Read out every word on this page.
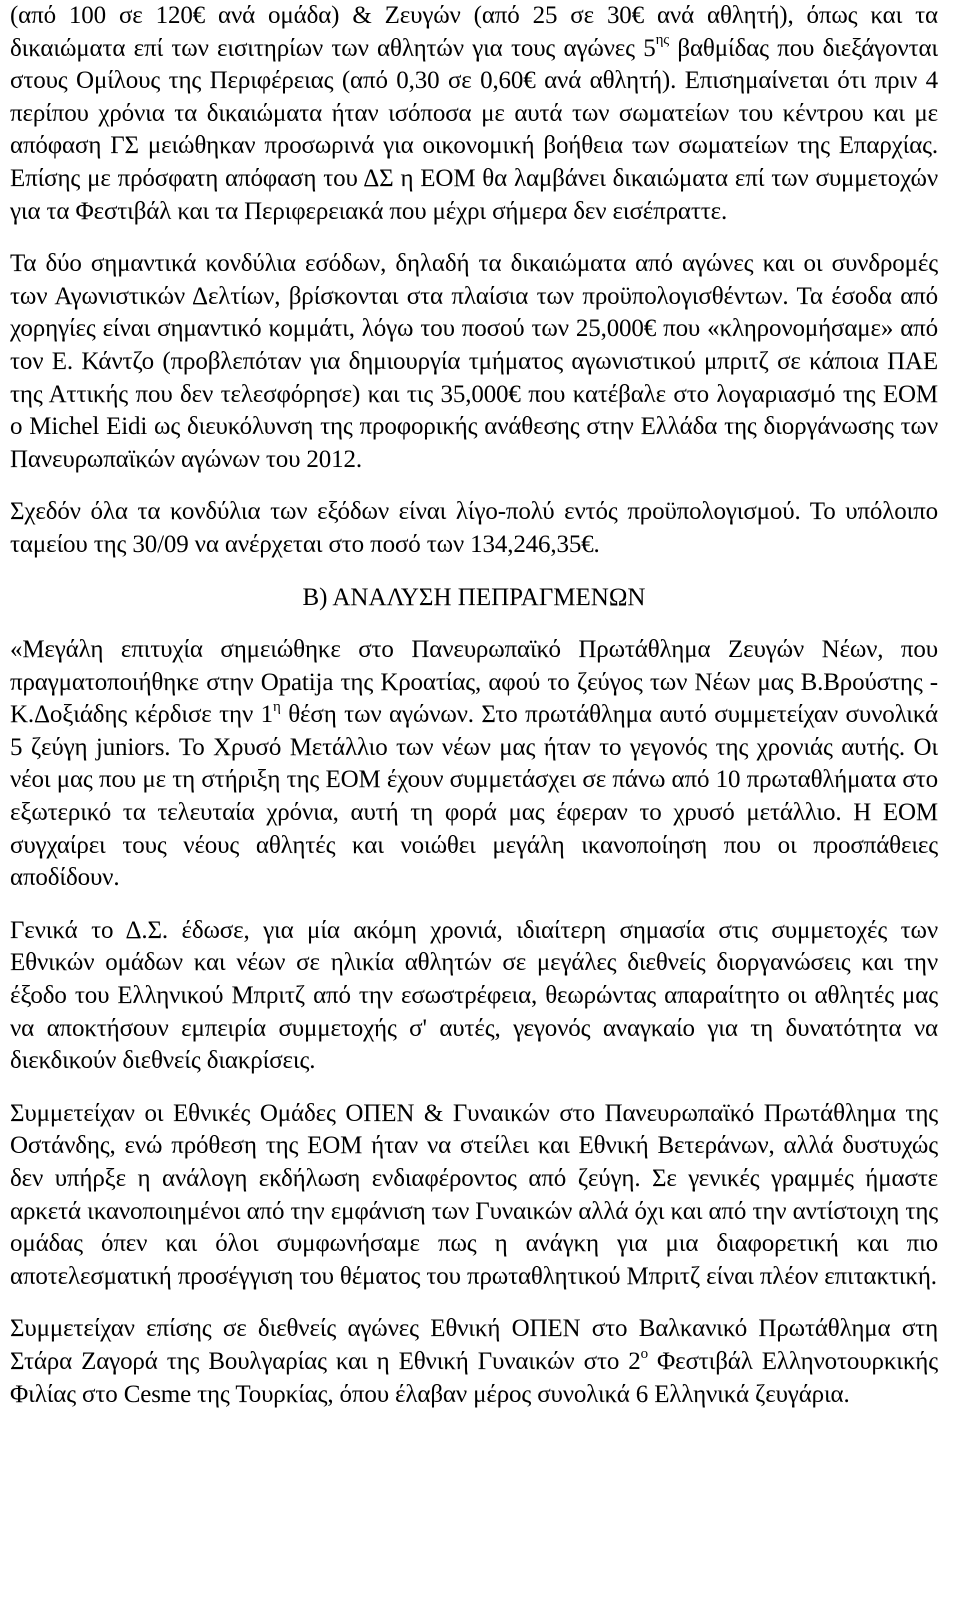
(από 100 σε 120€ ανά ομάδα) & Ζευγών (από 25 σε 30€ ανά αθλητή), όπως και τα δικαιώματα επί των εισιτηρίων των αθλητών για τους αγώνες $5^{\eta\varsigma}$ βαθμίδας που διεξάγονται στους Ομίλους της Περιφέρειας (από 0,30 σε 0,60€ ανά αθλητή). Επισημαίνεται ότι πριν 4 περίπου χρόνια τα δικαιώματα ήταν ισόποσα με αυτά των σωματείων του κέντρου και με απόφαση ΓΣ μειώθηκαν προσωρινά για οικονομική βοήθεια των σωματείων της Επαρχίας. Επίσης με πρόσφατη απόφαση του ΔΣ η ΕΟΜ θα λαμβάνει δικαιώματα επί των συμμετοχών για τα Φεστιβάλ και τα Περιφερειακά που μέχρι σήμερα δεν εισέπραττε.

Τα δύο σημαντικά κονδύλια εσόδων, δηλαδή τα δικαιώματα από αγώνες και οι συνδρομές των Αγωνιστικών Δελτίων, βρίσκονται στα πλαίσια των προϋπολογισθέντων. Τα έσοδα από χορηγίες είναι σημαντικό κομμάτι, λόγω του ποσού των 25,000€ που «κληρονομήσαμε» από τον Ε. Κάντζο (προβλεπόταν για δημιουργία τμήματος αγωνιστικού μπριτζ σε κάποια ΠΑΕ της Αττικής που δεν τελεσφόρησε) και τις 35,000€ που κατέβαλε στο λογαριασμό της ΕΟΜ ο Michel Eidi ως διευκόλυνση της προφορικής ανάθεσης στην Ελλάδα της διοργάνωσης των Πανευρωπαϊκών αγώνων του 2012.

Σχεδόν όλα τα κονδύλια των εξόδων είναι λίγο-πολύ εντός προϋπολογισμού. Το υπόλοιπο ταμείου της 30/09 να ανέρχεται στο ποσό των 134,246,35€.

Β) ΑΝΑΛΥΣΗ ΠΕΠΡΑΓΜΕΝΩΝ

«Μεγάλη επιτυχία σημειώθηκε στο Πανευρωπαϊκό Πρωτάθλημα Ζευγών Νέων, που πραγματοποιήθηκε στην Opatija της Κροατίας, αφού το ζεύγος των Νέων μας Β.Βρούστης - Κ.Δοξιάδης κέρδισε την $1^\eta$ θέση των αγώνων. Στο πρωτάθλημα αυτό συμμετείχαν συνολικά 5 ζεύγη juniors. Το Χρυσό Μετάλλιο των νέων μας ήταν το γεγονός της χρονιάς αυτής. Οι νέοι μας που με τη στήριξη της ΕΟΜ έχουν συμμετάσχει σε πάνω από 10 πρωταθλήματα στο εξωτερικό τα τελευταία χρόνια, αυτή τη φορά μας έφεραν το χρυσό μετάλλιο. Η ΕΟΜ συγχαίρει τους νέους αθλητές και νοιώθει μεγάλη ικανοποίηση που οι προσπάθειες αποδίδουν.

Γενικά το Δ.Σ. έδωσε, για μία ακόμη χρονιά, ιδιαίτερη σημασία στις συμμετοχές των Εθνικών ομάδων και νέων σε ηλικία αθλητών σε μεγάλες διεθνείς διοργανώσεις και την έξοδο του Ελληνικού Μπριτζ από την εσωστρέφεια, θεωρώντας απαραίτητο οι αθλητές μας να αποκτήσουν εμπειρία συμμετοχής σ' αυτές, γεγονός αναγκαίο για τη δυνατότητα να διεκδικούν διεθνείς διακρίσεις.

Συμμετείχαν οι Εθνικές Ομάδες ΟΠΕΝ & Γυναικών στο Πανευρωπαϊκό Πρωτάθλημα της Οστάνδης, ενώ πρόθεση της ΕΟΜ ήταν να στείλει και Εθνική Βετεράνων, αλλά δυστυχώς δεν υπήρξε η ανάλογη εκδήλωση ενδιαφέροντος από ζεύγη. Σε γενικές γραμμές ήμαστε αρκετά ικανοποιημένοι από την εμφάνιση των Γυναικών αλλά όχι και από την αντίστοιχη της ομάδας όπεν και όλοι συμφωνήσαμε πως η ανάγκη για μια διαφορετική και πιο αποτελεσματική προσέγγιση του θέματος του πρωταθλητικού Μπριτζ είναι πλέον επιτακτική.

Συμμετείχαν επίσης σε διεθνείς αγώνες Εθνική ΟΠΕΝ στο Βαλκανικό Πρωτάθλημα στη Στάρα Ζαγορά της Βουλγαρίας και η Εθνική Γυναικών στο $2^o$ Φεστιβάλ Ελληνοτουρκικής Φιλίας στο Cesme της Τουρκίας, όπου έλαβαν μέρος συνολικά 6 Ελληνικά ζευγάρια.
